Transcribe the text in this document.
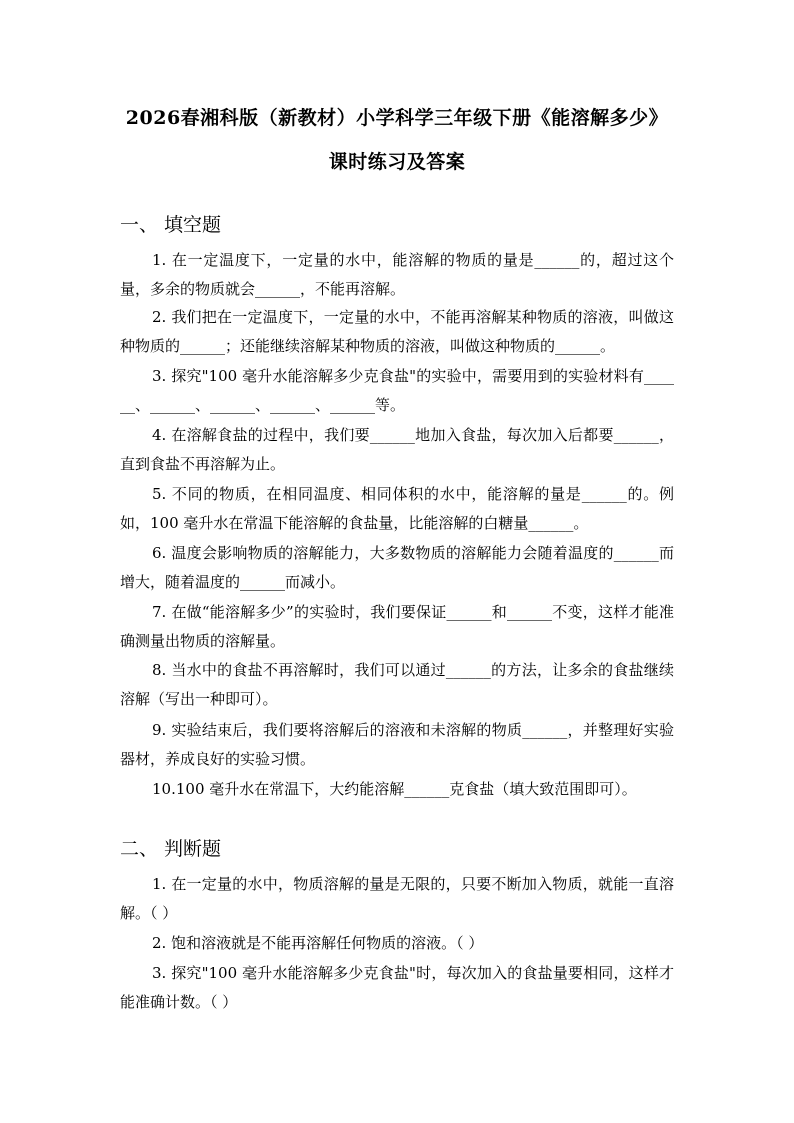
2026春湘科版（新教材）小学科学三年级下册《能溶解多少》
课时练习及答案
一、 填空题

1. 在一定温度下，一定量的水中，能溶解的物质的量是______的，超过这个量，多余的物质就会______，不能再溶解。

2. 我们把在一定温度下，一定量的水中，不能再溶解某种物质的溶液，叫做这种物质的______；还能继续溶解某种物质的溶液，叫做这种物质的______。

3. 探究"100 毫升水能溶解多少克食盐"的实验中，需要用到的实验材料有______、______、______、______、______等。

4. 在溶解食盐的过程中，我们要______地加入食盐，每次加入后都要______，直到食盐不再溶解为止。

5. 不同的物质，在相同温度、相同体积的水中，能溶解的量是______的。例如，100 毫升水在常温下能溶解的食盐量，比能溶解的白糖量______。

6. 温度会影响物质的溶解能力，大多数物质的溶解能力会随着温度的______而增大，随着温度的______而减小。

7. 在做“能溶解多少”的实验时，我们要保证______和______不变，这样才能准确测量出物质的溶解量。

8. 当水中的食盐不再溶解时，我们可以通过______的方法，让多余的食盐继续溶解（写出一种即可）。

9. 实验结束后，我们要将溶解后的溶液和未溶解的物质______，并整理好实验器材，养成良好的实验习惯。

10.100 毫升水在常温下，大约能溶解______克食盐（填大致范围即可）。

二、 判断题

1. 在一定量的水中，物质溶解的量是无限的，只要不断加入物质，就能一直溶解。（ ）

2. 饱和溶液就是不能再溶解任何物质的溶液。（ ）

3. 探究"100 毫升水能溶解多少克食盐"时，每次加入的食盐量要相同，这样才能准确计数。（ ）
